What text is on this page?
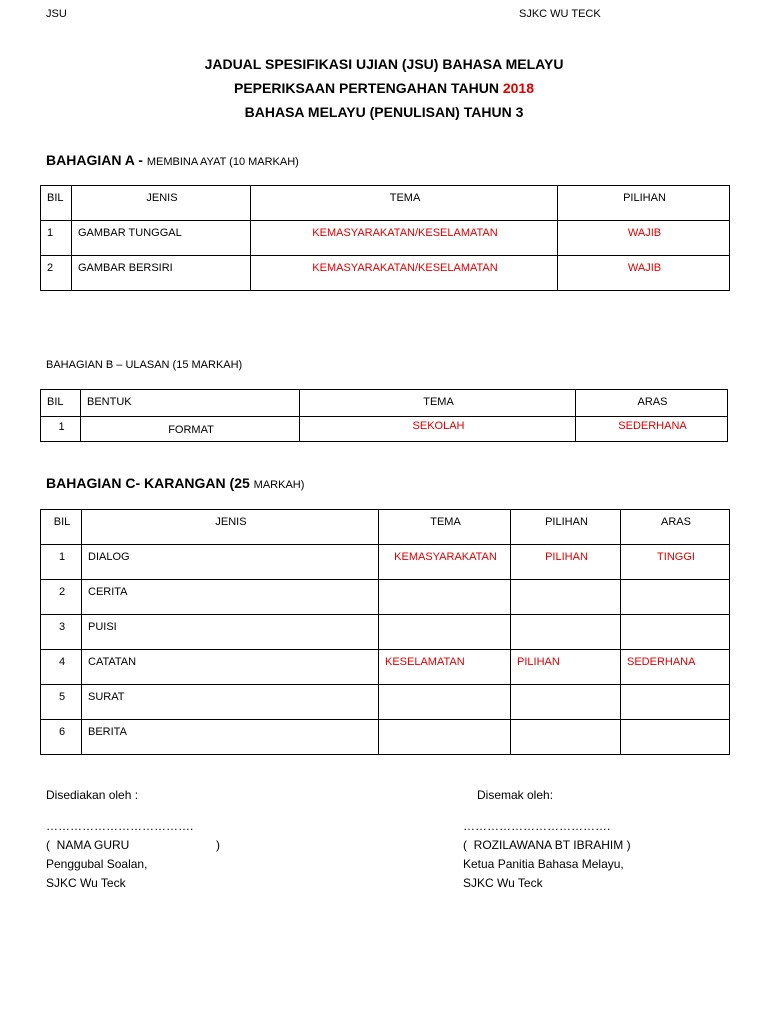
JSU	SJKC WU TECK
JADUAL SPESIFIKASI UJIAN (JSU) BAHASA MELAYU
PEPERIKSAAN PERTENGAHAN TAHUN 2018
BAHASA MELAYU (PENULISAN) TAHUN 3
BAHAGIAN A - MEMBINA AYAT (10 MARKAH)
BIL	JENIS	TEMA	PILIHAN
1	GAMBAR TUNGGAL	KEMASYARAKATAN/KESELAMATAN	WAJIB
2	GAMBAR BERSIRI	KEMASYARAKATAN/KESELAMATAN	WAJIB
BAHAGIAN B – ULASAN (15 MARKAH)
BIL	BENTUK	TEMA	ARAS
1	FORMAT	SEKOLAH	SEDERHANA
BAHAGIAN C- KARANGAN (25 MARKAH)
BIL	JENIS	TEMA	PILIHAN	ARAS
1	DIALOG	KEMASYARAKATAN	PILIHAN	TINGGI
2	CERITA			
3	PUISI			
4	CATATAN	KESELAMATAN	PILIHAN	SEDERHANA
5	SURAT			
6	BERITA			
Disediakan oleh :
……………………………….
(  NAMA GURU                          )
Penggubal Soalan,
SJKC Wu Teck
Disemak oleh:
……………………………….
(  ROZILAWANA BT IBRAHIM )
Ketua Panitia Bahasa Melayu,
SJKC Wu Teck
